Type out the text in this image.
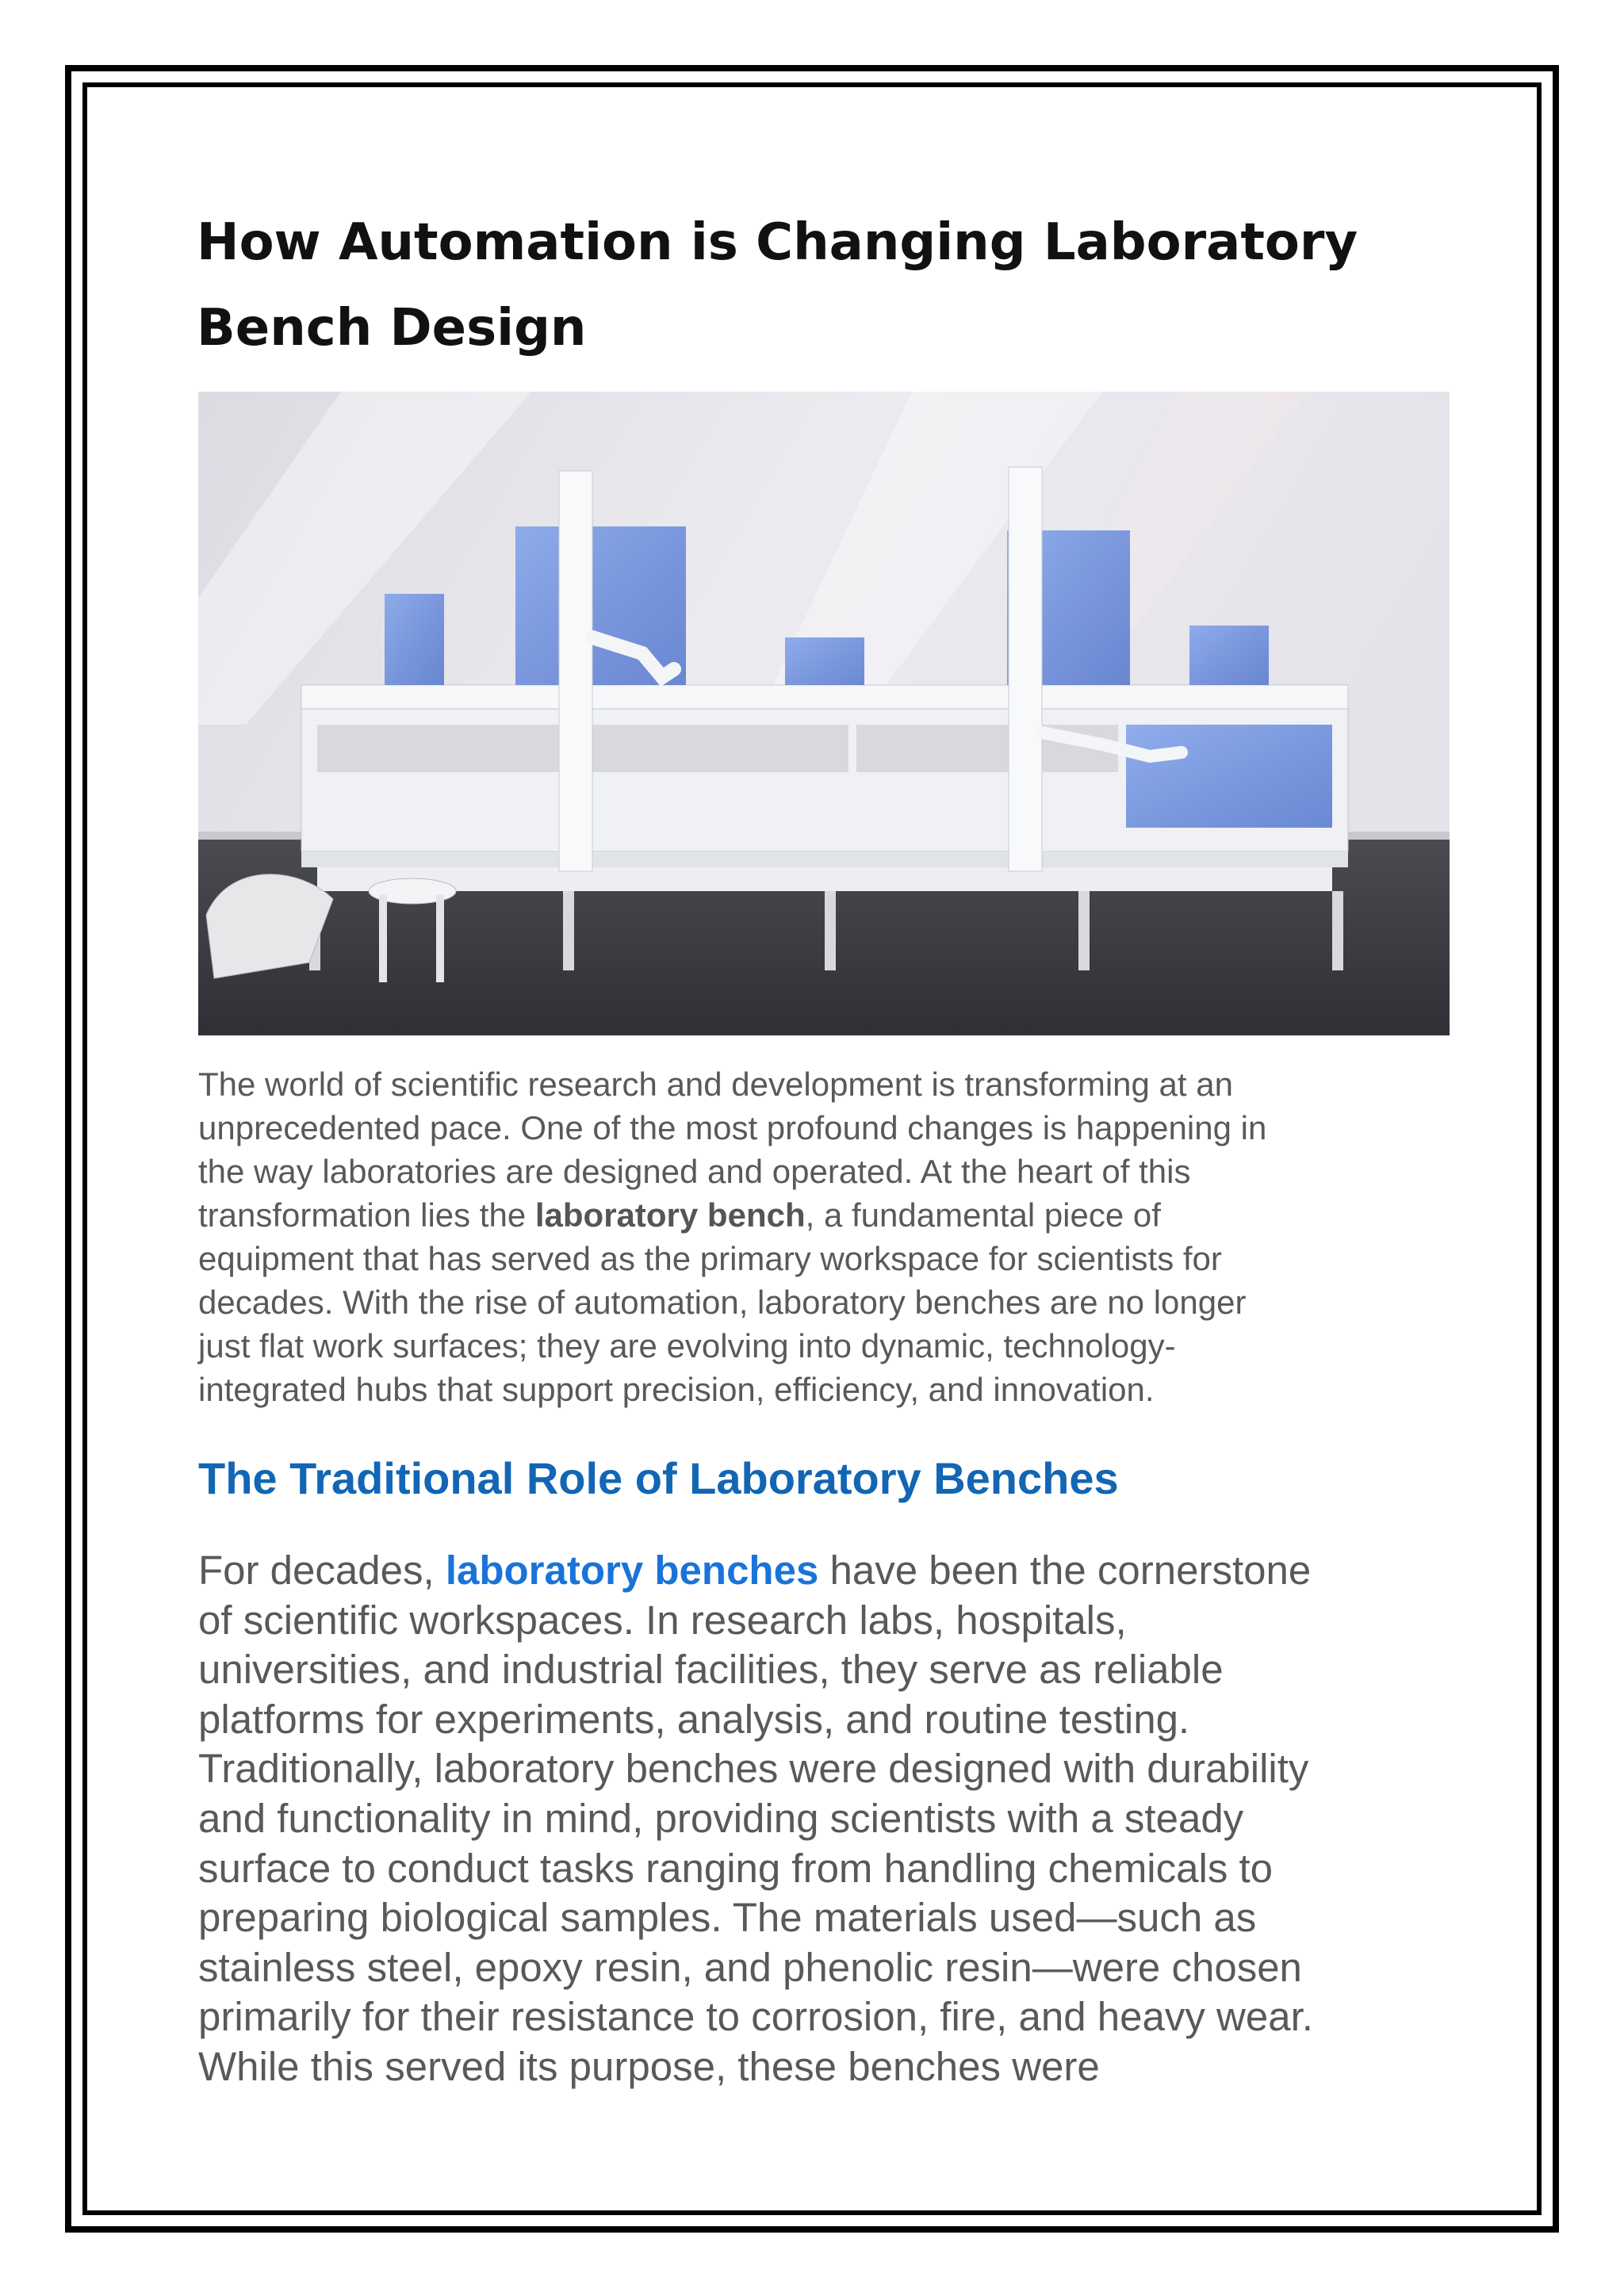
How Automation is Changing Laboratory
Bench Design

The world of scientific research and development is transforming at an
unprecedented pace. One of the most profound changes is happening in
the way laboratories are designed and operated. At the heart of this
transformation lies the laboratory bench, a fundamental piece of
equipment that has served as the primary workspace for scientists for
decades. With the rise of automation, laboratory benches are no longer
just flat work surfaces; they are evolving into dynamic, technology-
integrated hubs that support precision, efficiency, and innovation.

The Traditional Role of Laboratory Benches

For decades, laboratory benches have been the cornerstone
of scientific workspaces. In research labs, hospitals,
universities, and industrial facilities, they serve as reliable
platforms for experiments, analysis, and routine testing.
Traditionally, laboratory benches were designed with durability
and functionality in mind, providing scientists with a steady
surface to conduct tasks ranging from handling chemicals to
preparing biological samples. The materials used—such as
stainless steel, epoxy resin, and phenolic resin—were chosen
primarily for their resistance to corrosion, fire, and heavy wear.
While this served its purpose, these benches were
